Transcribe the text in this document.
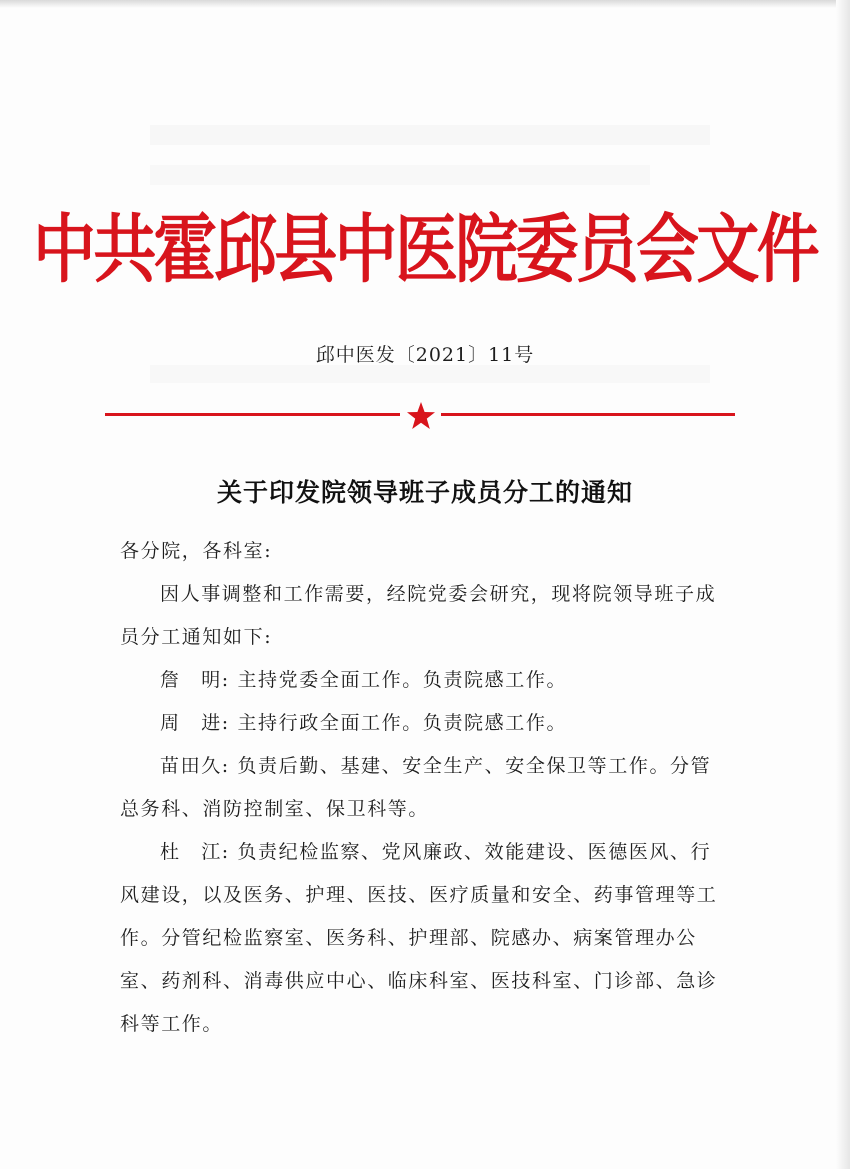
中共霍邱县中医院委员会文件
邱中医发〔2021〕11号
关于印发院领导班子成员分工的通知

各分院，各科室:

因人事调整和工作需要，经院党委会研究，现将院领导班子成员分工通知如下:

詹　明: 主持党委全面工作。负责院感工作。

周　进: 主持行政全面工作。负责院感工作。

苗田久: 负责后勤、基建、安全生产、安全保卫等工作。分管总务科、消防控制室、保卫科等。

杜　江: 负责纪检监察、党风廉政、效能建设、医德医风、行风建设，以及医务、护理、医技、医疗质量和安全、药事管理等工作。分管纪检监察室、医务科、护理部、院感办、病案管理办公室、药剂科、消毒供应中心、临床科室、医技科室、门诊部、急诊科等工作。
